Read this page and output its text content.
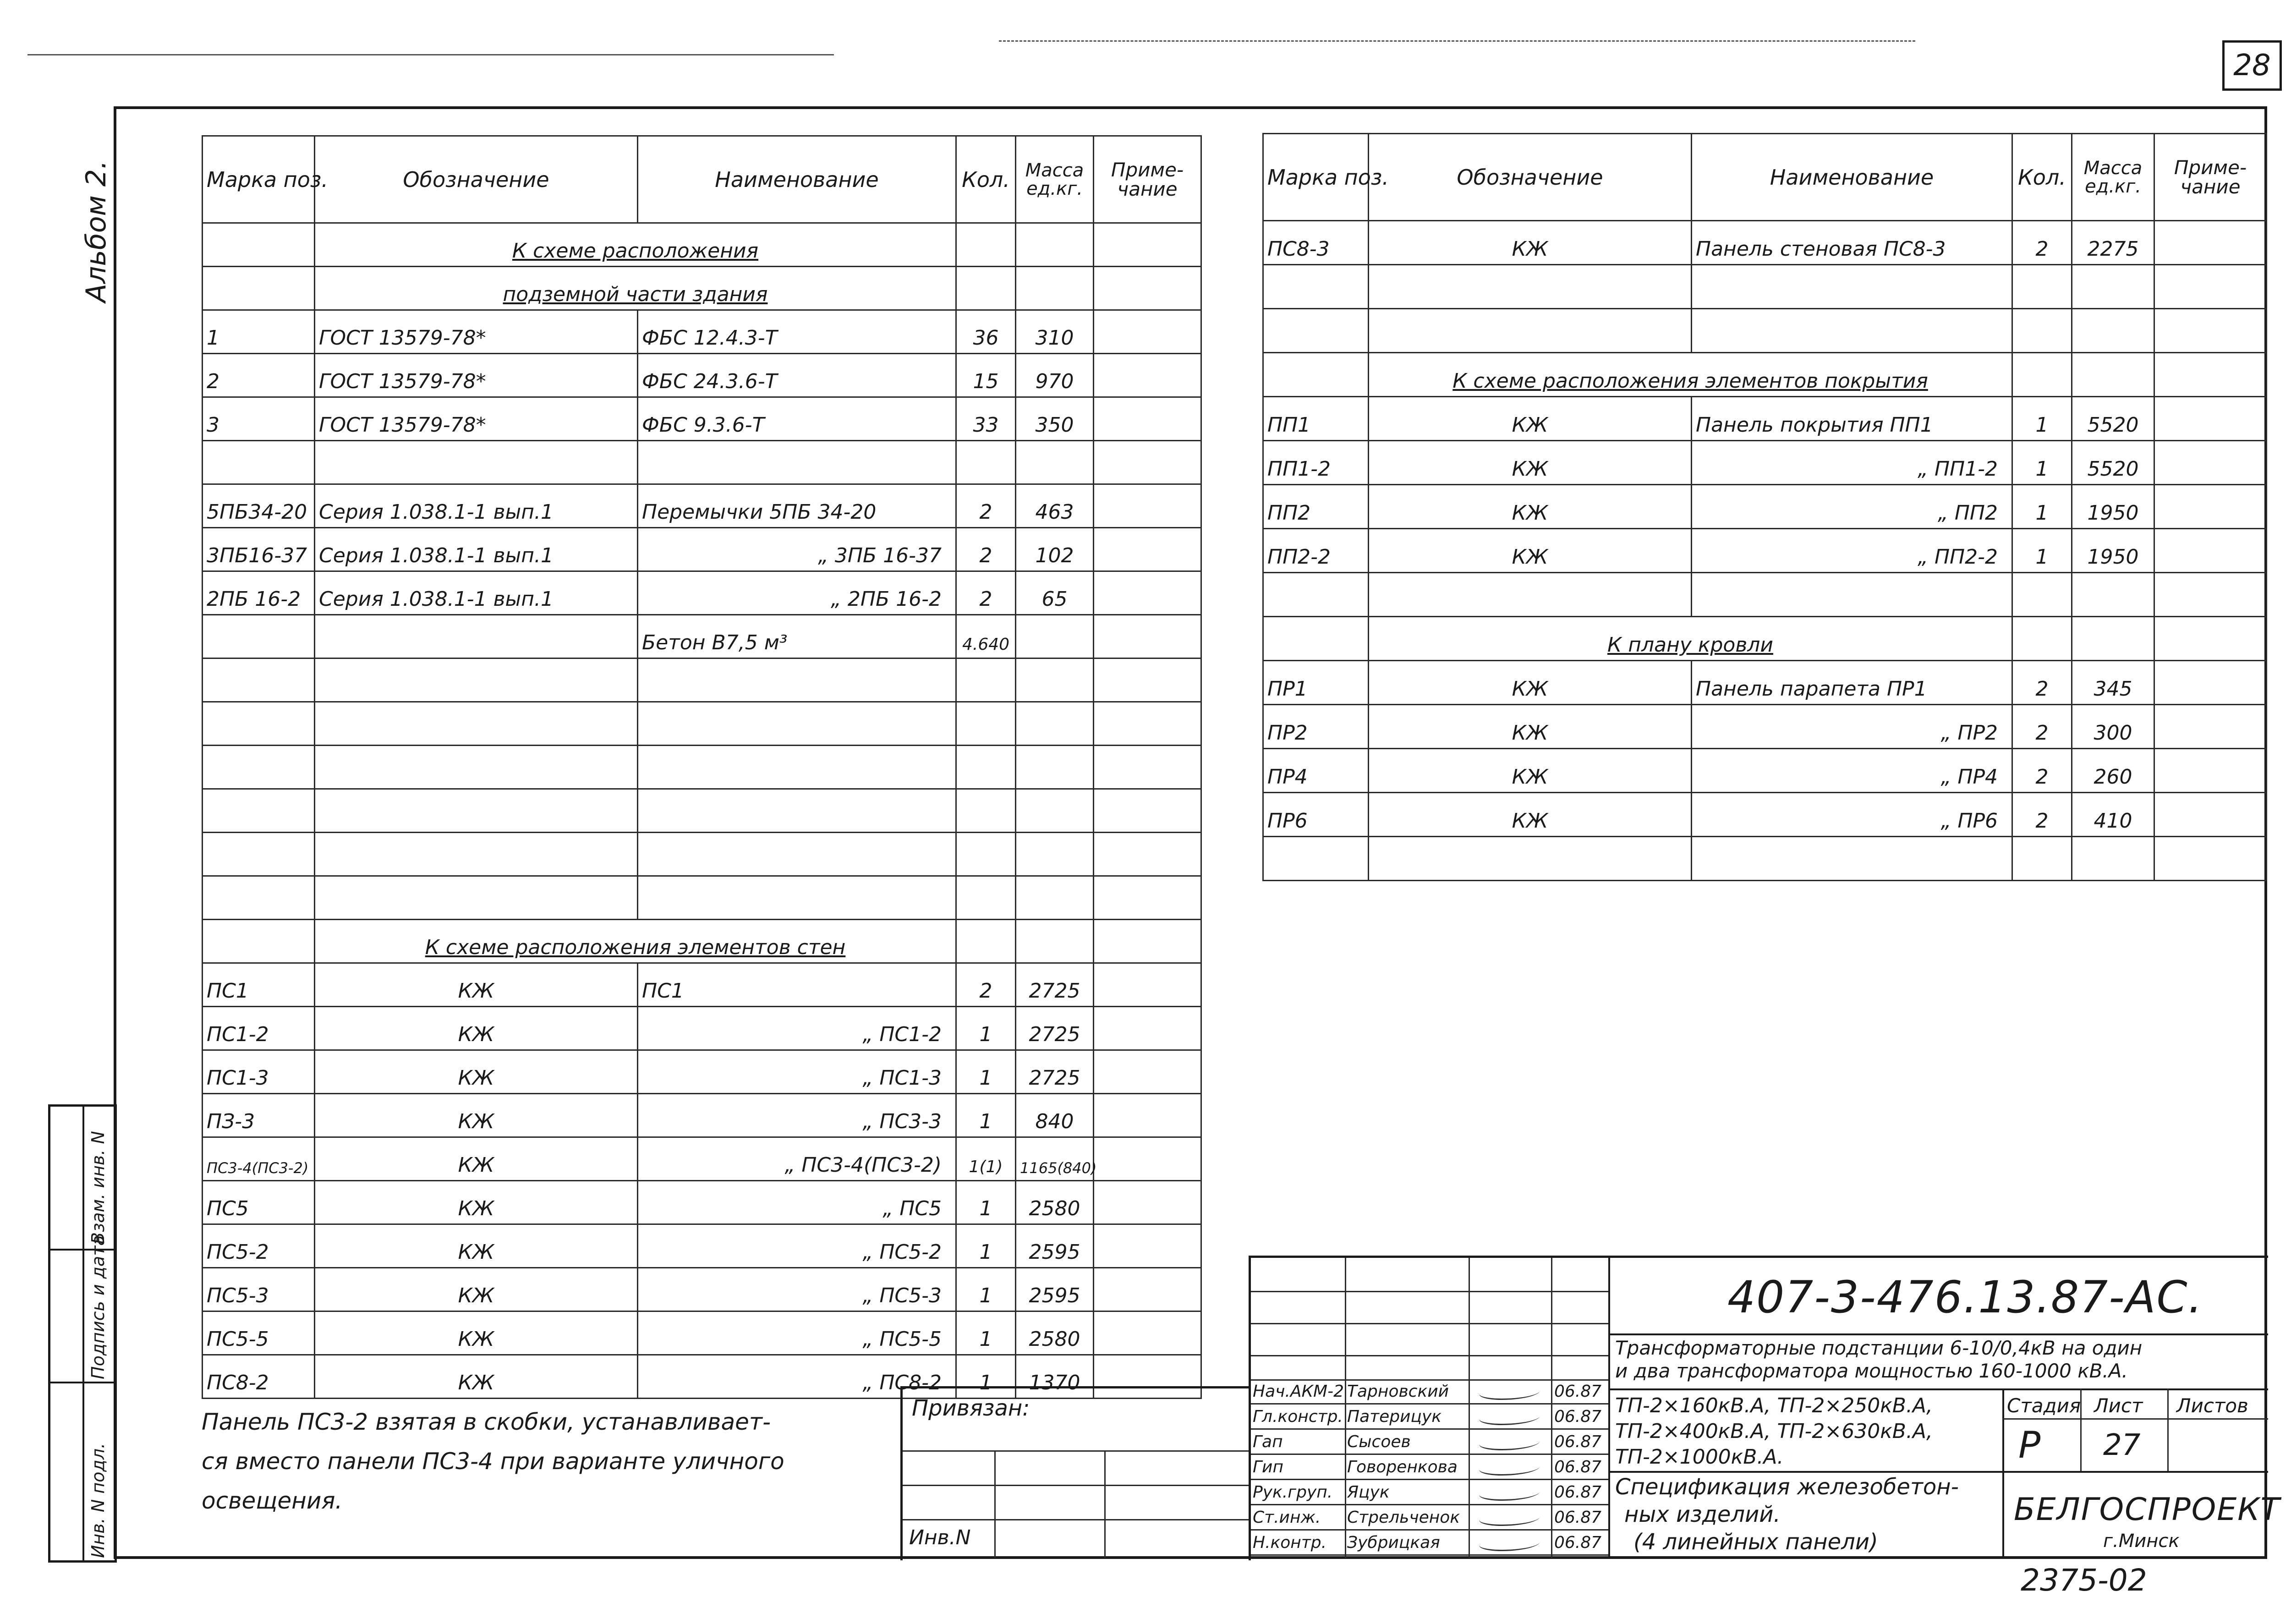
28
Альбом 2.
Инв. N подл.
Подпись и дата
Взам. инв. N
Марка поз.	Обозначение	Наименование	Кол.	Масса ед.кг.	Приме-чание
	К схеме расположения				
	подземной части здания				
1	ГОСТ 13579-78*	ФБС 12.4.3-Т	36	310	
2	ГОСТ 13579-78*	ФБС 24.3.6-Т	15	970	
3	ГОСТ 13579-78*	ФБС 9.3.6-Т	33	350	

5ПБ34-20	Серия 1.038.1-1 вып.1	Перемычки 5ПБ 34-20	2	463	
3ПБ16-37	Серия 1.038.1-1 вып.1	„ 3ПБ 16-37	2	102	
2ПБ 16-2	Серия 1.038.1-1 вып.1	„ 2ПБ 16-2	2	65	
		Бетон В7,5 м³	4.640		

	К схеме расположения элементов стен				
ПС1	КЖ	ПС1	2	2725	
ПС1-2	КЖ	„ ПС1-2	1	2725	
ПС1-3	КЖ	„ ПС1-3	1	2725	
ПЗ-3	КЖ	„ ПС3-3	1	840	
ПС3-4(ПС3-2)	КЖ	„ ПС3-4(ПС3-2)	1(1)	1165(840)	
ПС5	КЖ	„ ПС5	1	2580	
ПС5-2	КЖ	„ ПС5-2	1	2595	
ПС5-3	КЖ	„ ПС5-3	1	2595	
ПС5-5	КЖ	„ ПС5-5	1	2580	
ПС8-2	КЖ	„ ПС8-2	1	1370	
Марка поз.	Обозначение	Наименование	Кол.	Масса ед.кг.	Приме-чание
ПС8-3	КЖ	Панель стеновая ПС8-3	2	2275	

	К схеме расположения элементов покрытия				
ПП1	КЖ	Панель покрытия ПП1	1	5520	
ПП1-2	КЖ	„ ПП1-2	1	5520	
ПП2	КЖ	„ ПП2	1	1950	
ПП2-2	КЖ	„ ПП2-2	1	1950	

	К плану кровли				
ПР1	КЖ	Панель парапета ПР1	2	345	
ПР2	КЖ	„ ПР2	2	300	
ПР4	КЖ	„ ПР4	2	260	
ПР6	КЖ	„ ПР6	2	410	

Панель ПС3-2 взятая в скобки, устанавливает-
ся вместо панели ПС3-4 при варианте уличного
освещения.
Привязан:
Инв.N
Нач.АКМ-2 Тарновский	06.87
Гл.констр. Патерицук	06.87
Гап	Сысоев	06.87
Гип	Говоренкова	06.87
Рук.груп. Яцук	06.87
Ст.инж.	Стрельченок	06.87
Н.контр.	Зубрицкая	06.87
407-3-476.13.87-АС.
Трансформаторные подстанции 6-10/0,4кВ на один
и два трансформатора мощностью 160-1000 кВ.А.
ТП-2×160кВ.А, ТП-2×250кВ.А,
ТП-2×400кВ.А, ТП-2×630кВ.А,
ТП-2×1000кВ.А.
Спецификация железобетон-
ных изделий.
(4 линейных панели)
Стадия Лист Листов
Р 27
БЕЛГОСПРОЕКТ
г.Минск
2375-02
